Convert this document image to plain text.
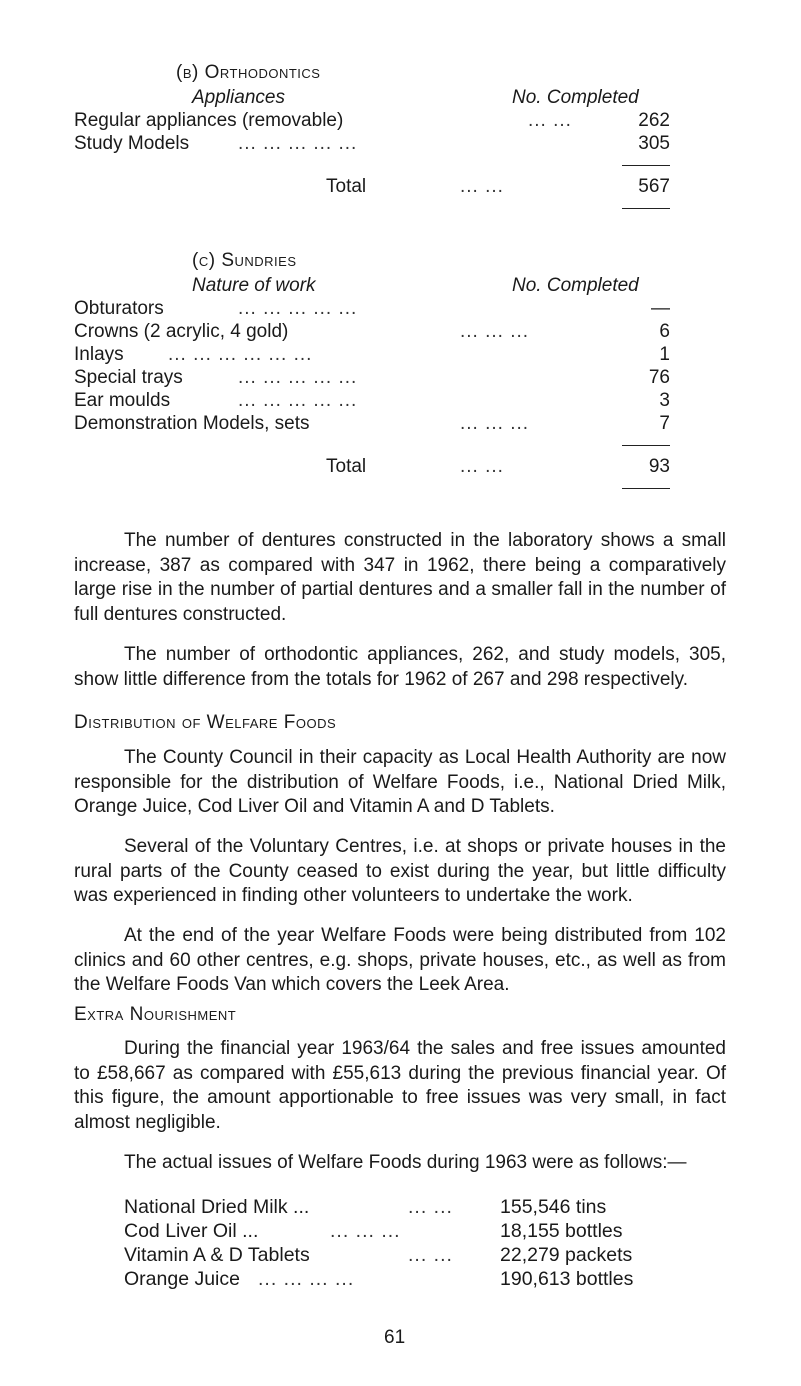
(b) Orthodontics
Appliances	No. Completed
Regular appliances (removable)	... ...	262
Study Models	... ... ... ... ...	305
Total	... ...	567
(c) Sundries
Nature of work	No. Completed
Obturators	... ... ... ... ...	—
Crowns (2 acrylic, 4 gold)	... ... ...	6
Inlays ... ... ... ... ... ...	1
Special trays	... ... ... ... ...	76
Ear moulds	... ... ... ... ...	3
Demonstration Models, sets	... ... ...	7
Total	... ...	93

The number of dentures constructed in the laboratory shows a small increase, 387 as compared with 347 in 1962, there being a comparatively large rise in the number of partial dentures and a smaller fall in the number of full dentures constructed.

The number of orthodontic appliances, 262, and study models, 305, show little difference from the totals for 1962 of 267 and 298 respectively.

Distribution of Welfare Foods

The County Council in their capacity as Local Health Authority are now responsible for the distribution of Welfare Foods, i.e., National Dried Milk, Orange Juice, Cod Liver Oil and Vitamin A and D Tablets.

Several of the Voluntary Centres, i.e. at shops or private houses in the rural parts of the County ceased to exist during the year, but little difficulty was experienced in finding other volunteers to undertake the work.

At the end of the year Welfare Foods were being distributed from 102 clinics and 60 other centres, e.g. shops, private houses, etc., as well as from the Welfare Foods Van which covers the Leek Area.

Extra Nourishment

During the financial year 1963/64 the sales and free issues amounted to £58,667 as compared with £55,613 during the previous financial year. Of this figure, the amount apportionable to free issues was very small, in fact almost negligible.

The actual issues of Welfare Foods during 1963 were as follows:—

National Dried Milk ...	... ... 155,546 tins
Cod Liver Oil ...	... ... ...	18,155 bottles
Vitamin A & D Tablets	... ... 22,279 packets
Orange Juice ... ... ... ...	190,613 bottles
61
